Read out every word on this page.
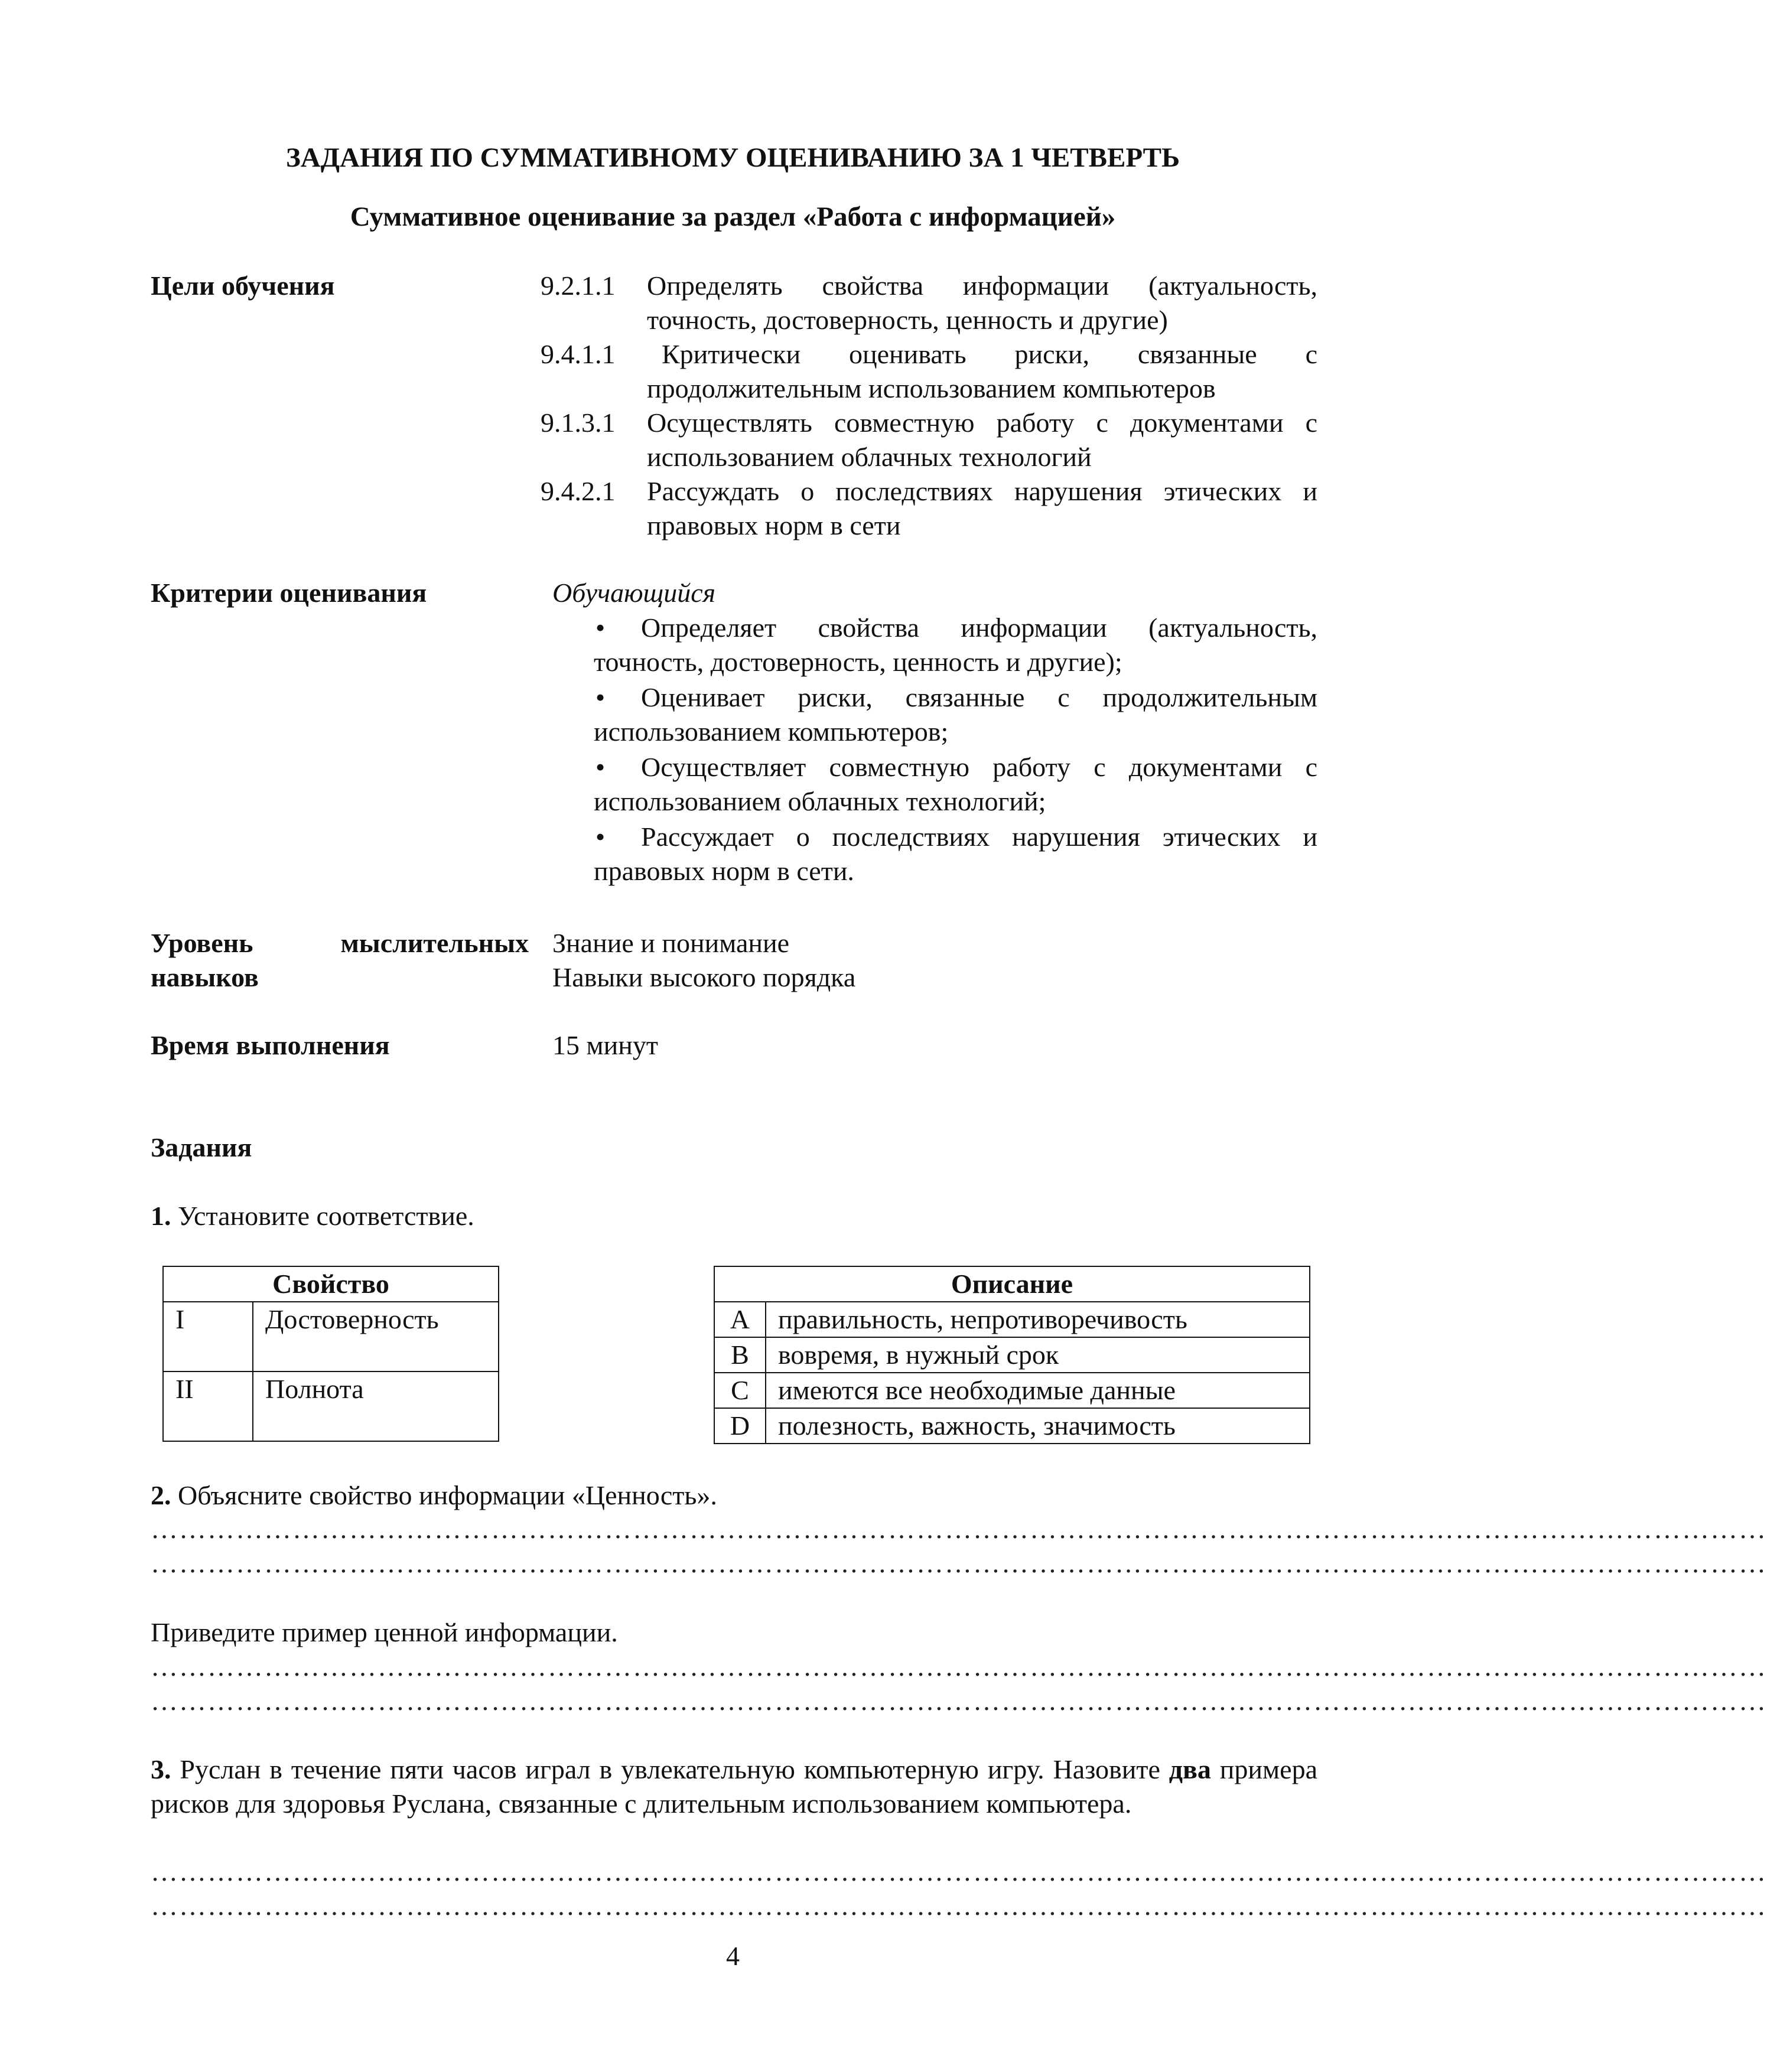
ЗАДАНИЯ ПО СУММАТИВНОМУ ОЦЕНИВАНИЮ ЗА 1 ЧЕТВЕРТЬ
Суммативное оценивание за раздел «Работа с информацией»
Цели обучения	9.2.1.1	Определять свойства информации (актуальность,
точность, достоверность, ценность и другие)
9.4.1.1	Критически оценивать риски, связанные с
продолжительным использованием компьютеров
9.1.3.1	Осуществлять совместную работу с документами с
использованием облачных технологий
9.4.2.1	Рассуждать о последствиях нарушения этических и
правовых норм в сети
Критерии оценивания	Обучающийся
•	Определяет свойства информации (актуальность,
точность, достоверность, ценность и другие);
•	Оценивает риски, связанные с продолжительным
использованием компьютеров;
•	Осуществляет совместную работу с документами с
использованием облачных технологий;
•	Рассуждает о последствиях нарушения этических и
правовых норм в сети.
Уровень мыслительных
навыков
Знание и понимание
Навыки высокого порядка
Время выполнения	15 минут
Задания
1. Установите соответствие.
Свойство	
I	Достоверность
II	Полнота
Описание	
A	правильность, непротиворечивость
B	вовремя, в нужный срок
C	имеются все необходимые данные
D	полезность, важность, значимость
2. Объясните свойство информации «Ценность».
………………………………………………………………………………………………………………………………………………………
………………………………………………………………………………………………………………………………………………………
Приведите пример ценной информации.
………………………………………………………………………………………………………………………………………………………
………………………………………………………………………………………………………………………………………………………
3. Руслан в течение пяти часов играл в увлекательную компьютерную игру. Назовите два примера рисков для здоровья Руслана, связанные с длительным использованием компьютера.
………………………………………………………………………………………………………………………………………………………
………………………………………………………………………………………………………………………………………………………
4
